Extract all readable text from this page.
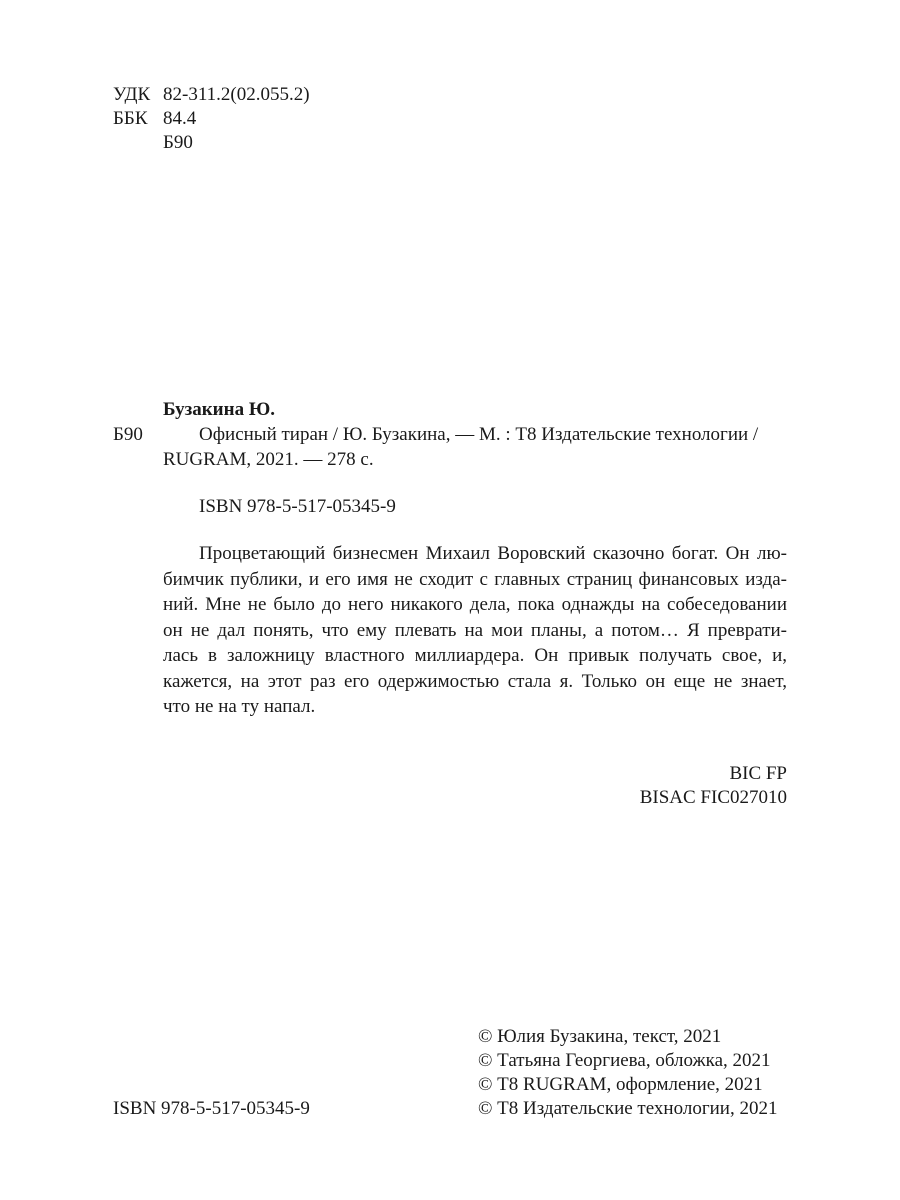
УДК 82-311.2(02.055.2)
ББК 84.4
Б90
Бузакина Ю.
Б90	Офисный тиран / Ю. Бузакина, — М. : Т8 Издательские технологии /
RUGRAM, 2021. — 278 с.
ISBN 978-5-517-05345-9
Процветающий бизнесмен Михаил Воровский сказочно богат. Он лю-
бимчик публики, и его имя не сходит с главных страниц финансовых изда-
ний. Мне не было до него никакого дела, пока однажды на собеседовании
он не дал понять, что ему плевать на мои планы, а потом… Я преврати-
лась в заложницу властного миллиардера. Он привык получать свое, и,
кажется, на этот раз его одержимостью стала я. Только он еще не знает,
что не на ту напал.
BIC FP
BISAC FIC027010
© Юлия Бузакина, текст, 2021
© Татьяна Георгиева, обложка, 2021
© Т8 RUGRAM, оформление, 2021
© Т8 Издательские технологии, 2021
ISBN 978-5-517-05345-9
